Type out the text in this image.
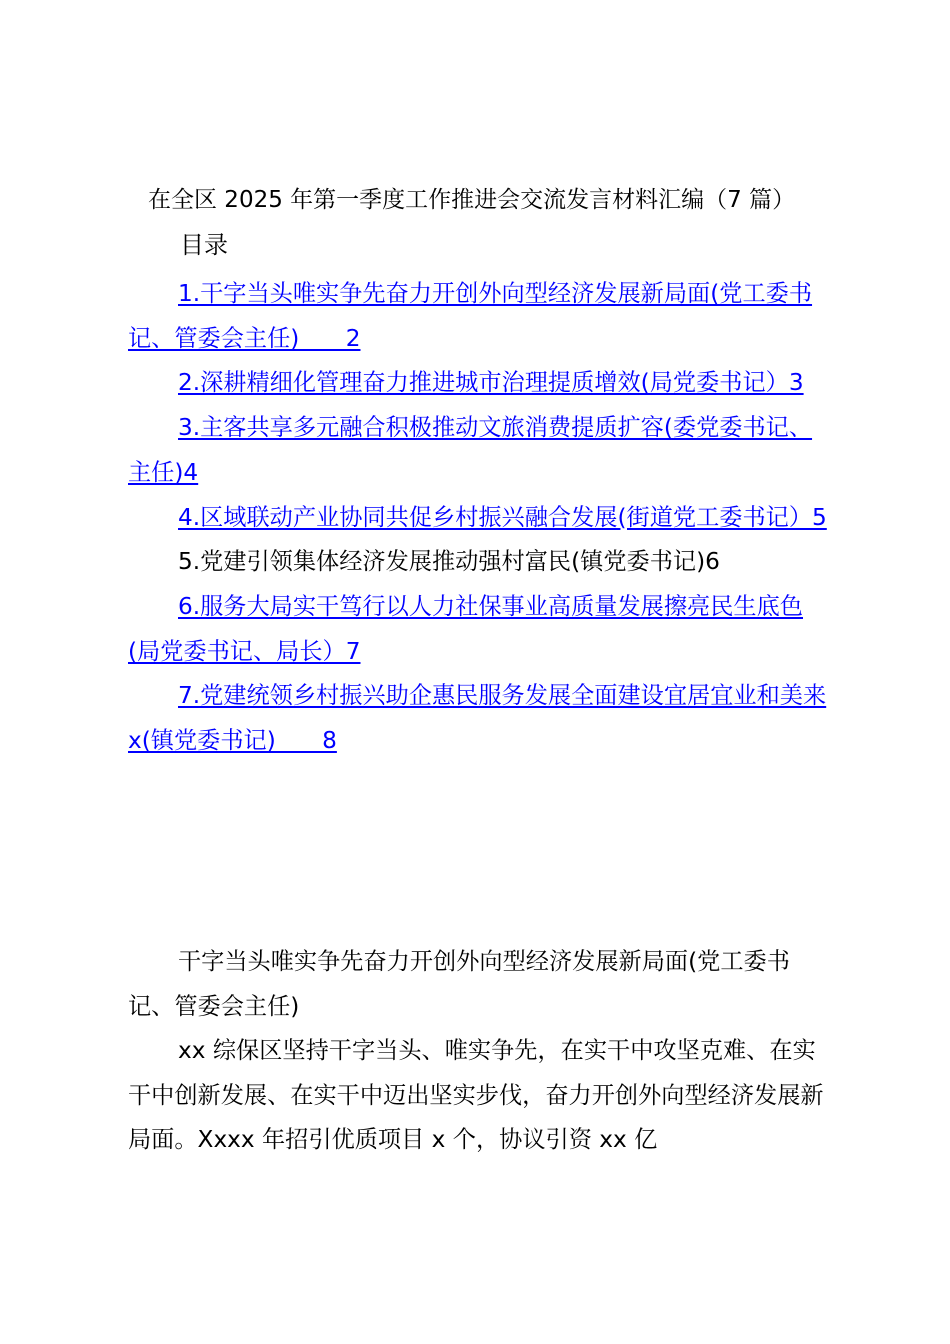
在全区 2025 年第一季度工作推进会交流发言材料汇编（7 篇）
目录
1.干字当头唯实争先奋力开创外向型经济发展新局面(党工委书记、管委会主任)　　2
2.深耕精细化管理奋力推进城市治理提质增效(局党委书记）3
3.主客共享多元融合积极推动文旅消费提质扩容(委党委书记、主任)4
4.区域联动产业协同共促乡村振兴融合发展(街道党工委书记）5
5.党建引领集体经济发展推动强村富民(镇党委书记)6
6.服务大局实干笃行以人力社保事业高质量发展擦亮民生底色(局党委书记、局长）7
7.党建统领乡村振兴助企惠民服务发展全面建设宜居宜业和美来 x(镇党委书记)　　8
干字当头唯实争先奋力开创外向型经济发展新局面(党工委书记、管委会主任)
xx 综保区坚持干字当头、唯实争先，在实干中攻坚克难、在实干中创新发展、在实干中迈出坚实步伐，奋力开创外向型经济发展新局面。Xxxx 年招引优质项目 x 个，协议引资 xx 亿
